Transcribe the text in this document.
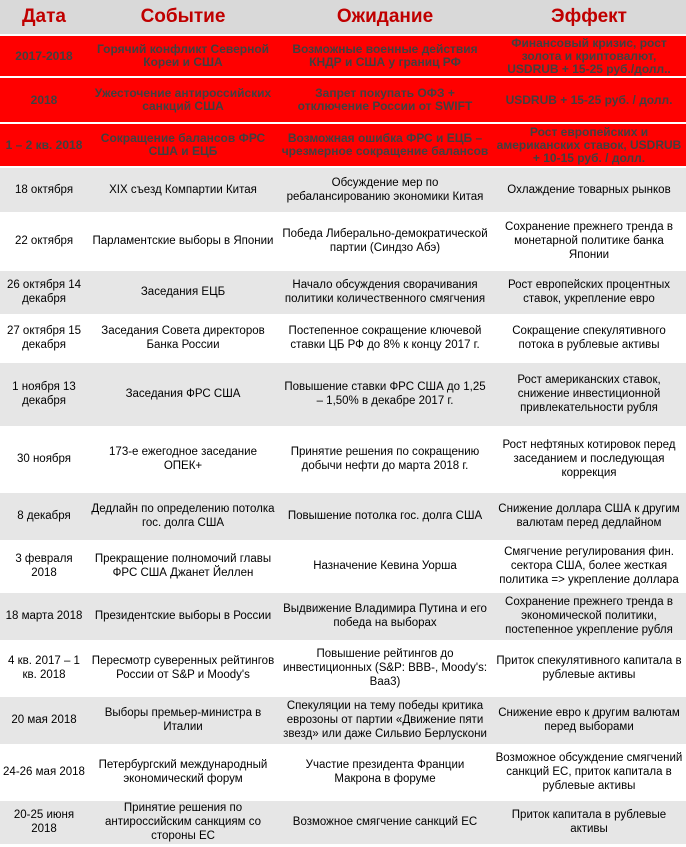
Дата	Событие	Ожидание	Эффект
2017-2018	Горячий конфликт Северной Кореи и США	Возможные военные действия КНДР и США у границ РФ	Финансовый кризис, рост золота и криптовалют, USDRUB + 15-25 руб./долл..
2018	Ужесточение антироссийских санкций США	Запрет покупать ОФЗ + отключение России от SWIFT	USDRUB + 15-25 руб. / долл.
1 – 2 кв. 2018	Сокращение балансов ФРС США и ЕЦБ	Возможная ошибка ФРС и ЕЦБ – чрезмерное сокращение балансов	Рост европейских и американских ставок, USDRUB + 10-15 руб. / долл.
18 октября	XIX съезд Компартии Китая	Обсуждение мер по ребалансированию экономики Китая	Охлаждение товарных рынков
22 октября	Парламентские выборы в Японии	Победа Либерально-демократической партии (Синдзо Абэ)	Сохранение прежнего тренда в монетарной политике банка Японии
26 октября 14 декабря	Заседания ЕЦБ	Начало обсуждения сворачивания политики количественного смягчения	Рост европейских процентных ставок, укрепление евро
27 октября 15 декабря	Заседания Совета директоров Банка России	Постепенное сокращение ключевой ставки ЦБ РФ до 8% к концу 2017 г.	Сокращение спекулятивного потока в рублевые активы
1 ноября 13 декабря	Заседания ФРС США	Повышение ставки ФРС США до 1,25 – 1,50% в декабре 2017 г.	Рост американских ставок, снижение инвестиционной привлекательности рубля
30 ноября	173-е ежегодное заседание ОПЕК+	Принятие решения по сокращению добычи нефти до марта 2018 г.	Рост нефтяных котировок перед заседанием и последующая коррекция
8 декабря	Дедлайн по определению потолка гос. долга США	Повышение потолка гос. долга США	Снижение доллара США к другим валютам перед дедлайном
3 февраля 2018	Прекращение полномочий главы ФРС США Джанет Йеллен	Назначение Кевина Уорша	Смягчение регулирования фин. сектора США, более жесткая политика => укрепление доллара
18 марта 2018	Президентские выборы в России	Выдвижение Владимира Путина и его победа на выборах	Сохранение прежнего тренда в экономической политики, постепенное укрепление рубля
4 кв. 2017 – 1 кв. 2018	Пересмотр суверенных рейтингов России от S&P и Moody's	Повышение рейтингов до инвестиционных (S&P: BBB-, Moody's: Baa3)	Приток спекулятивного капитала в рублевые активы
20 мая 2018	Выборы премьер-министра в Италии	Спекуляции на тему победы критика еврозоны от партии «Движение пяти звезд» или даже Сильвио Берлускони	Снижение евро к другим валютам перед выборами
24-26 мая 2018	Петербургский международный экономический форум	Участие президента Франции Макрона в форуме	Возможное обсуждение смягчений санкций ЕС, приток капитала в рублевые активы
20-25 июня 2018	Принятие решения по антироссийским санкциям со стороны ЕС	Возможное смягчение санкций ЕС	Приток капитала в рублевые активы
